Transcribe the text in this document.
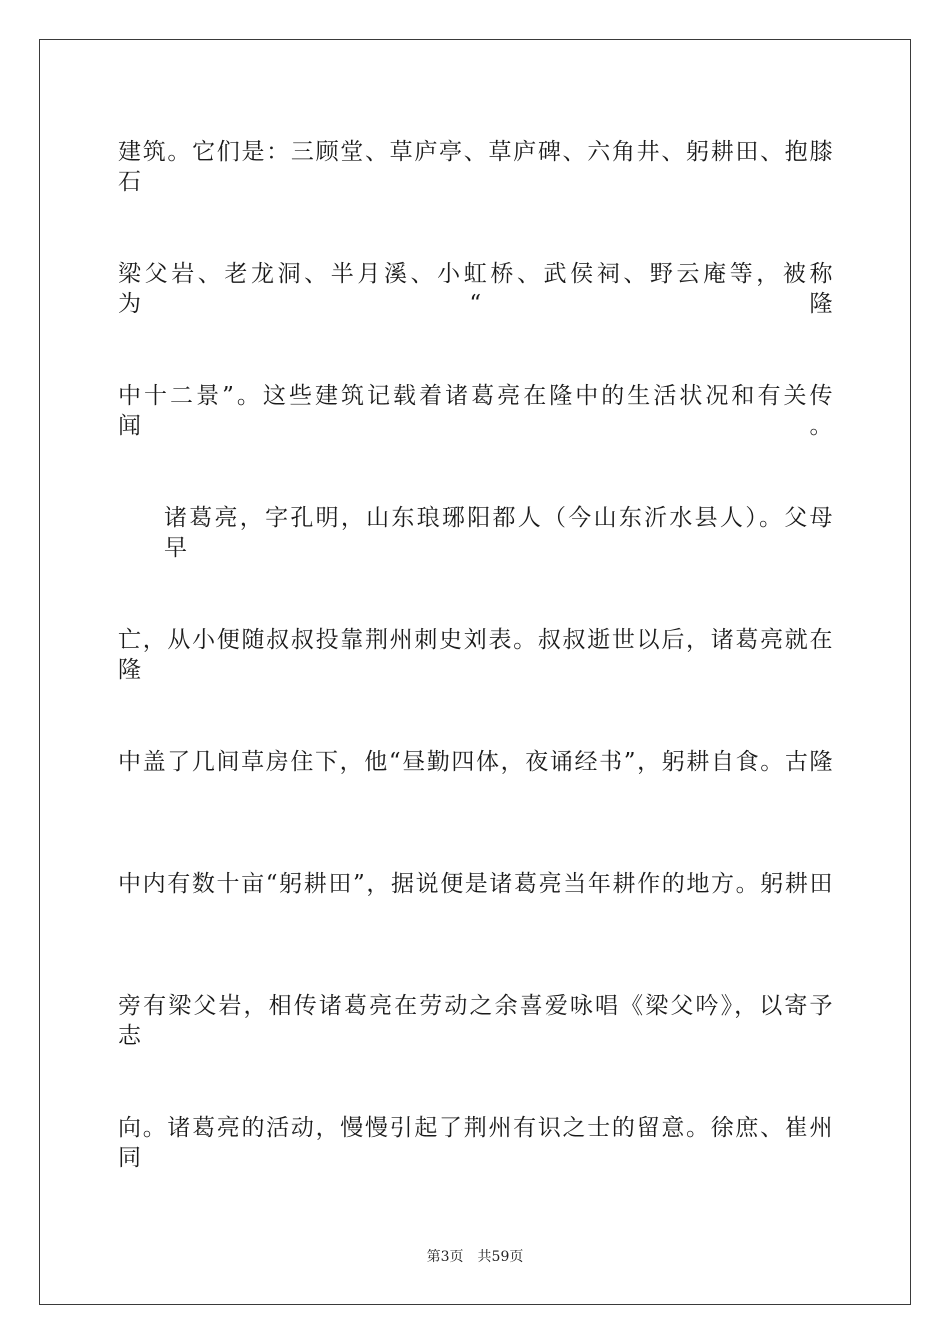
建筑。它们是：三顾堂、草庐亭、草庐碑、六角井、躬耕田、抱膝石
梁父岩、老龙洞、半月溪、小虹桥、武侯祠、野云庵等，被称为“隆
中十二景”。这些建筑记载着诸葛亮在隆中的生活状况和有关传闻。
诸葛亮，字孔明，山东琅琊阳都人（今山东沂水县人）。父母早
亡，从小便随叔叔投靠荆州刺史刘表。叔叔逝世以后，诸葛亮就在隆
中盖了几间草房住下，他“昼勤四体，夜诵经书”，躬耕自食。古隆
中内有数十亩“躬耕田”，据说便是诸葛亮当年耕作的地方。躬耕田
旁有梁父岩，相传诸葛亮在劳动之余喜爱咏唱《梁父吟》，以寄予志
向。诸葛亮的活动，慢慢引起了荆州有识之士的留意。徐庶、崔州同
第3页 共59页
